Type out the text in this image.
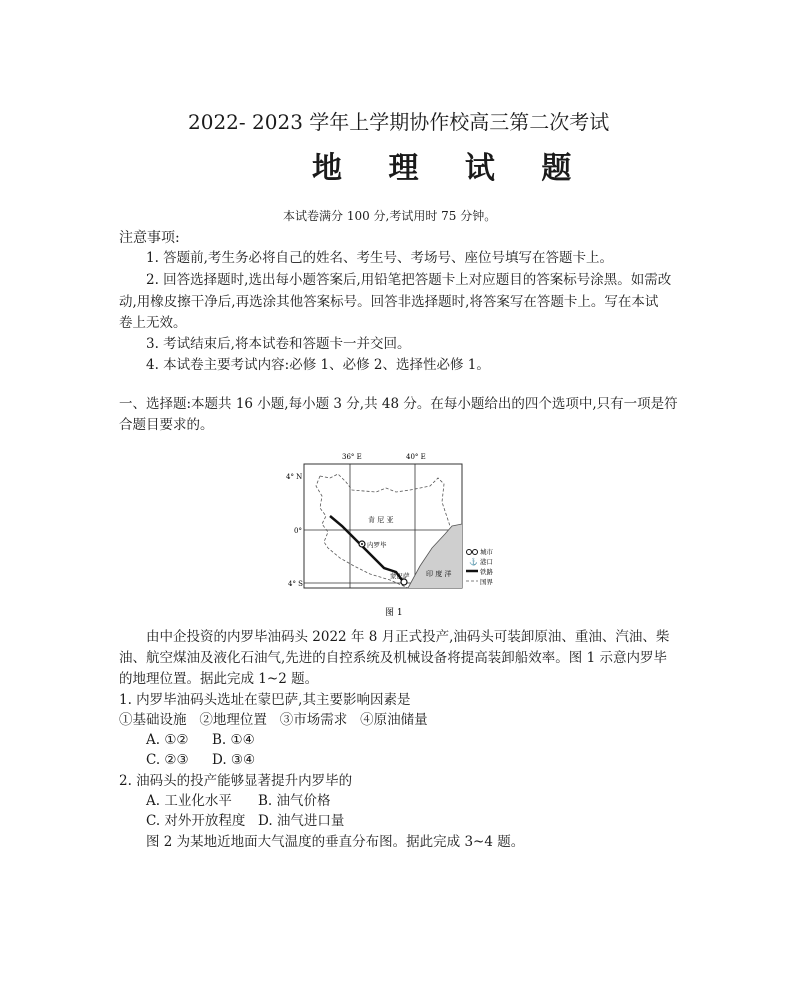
2022- 2023 学年上学期协作校高三第二次考试
地 理 试 题
本试卷满分 100 分,考试用时 75 分钟。
注意事项:
1. 答题前,考生务必将自己的姓名、考生号、考场号、座位号填写在答题卡上。
2. 回答选择题时,选出每小题答案后,用铅笔把答题卡上对应题目的答案标号涂黑。如需改
动,用橡皮擦干净后,再选涂其他答案标号。回答非选择题时,将答案写在答题卡上。写在本试
卷上无效。
3. 考试结束后,将本试卷和答题卡一并交回。
4. 本试卷主要考试内容:必修 1、必修 2、选择性必修 1。
一、选择题:本题共 16 小题,每小题 3 分,共 48 分。在每小题给出的四个选项中,只有一项是符
合题目要求的。
36° E	40° E
4° N
0°
4° S
肯 尼 亚
内罗毕
蒙巴萨 印 度 洋
城市
⚓ 港口
铁路
国界
图 1
由中企投资的内罗毕油码头 2022 年 8 月正式投产,油码头可装卸原油、重油、汽油、柴
油、航空煤油及液化石油气,先进的自控系统及机械设备将提高装卸船效率。图 1 示意内罗毕
的地理位置。据此完成 1~2 题。
1. 内罗毕油码头选址在蒙巴萨,其主要影响因素是
①基础设施   ②地理位置   ③市场需求   ④原油储量
A. ①② B. ①④
C. ②③ D. ③④
2. 油码头的投产能够显著提升内罗毕的
A. 工业化水平 B. 油气价格
C. 对外开放程度 D. 油气进口量
图 2 为某地近地面大气温度的垂直分布图。据此完成 3~4 题。
